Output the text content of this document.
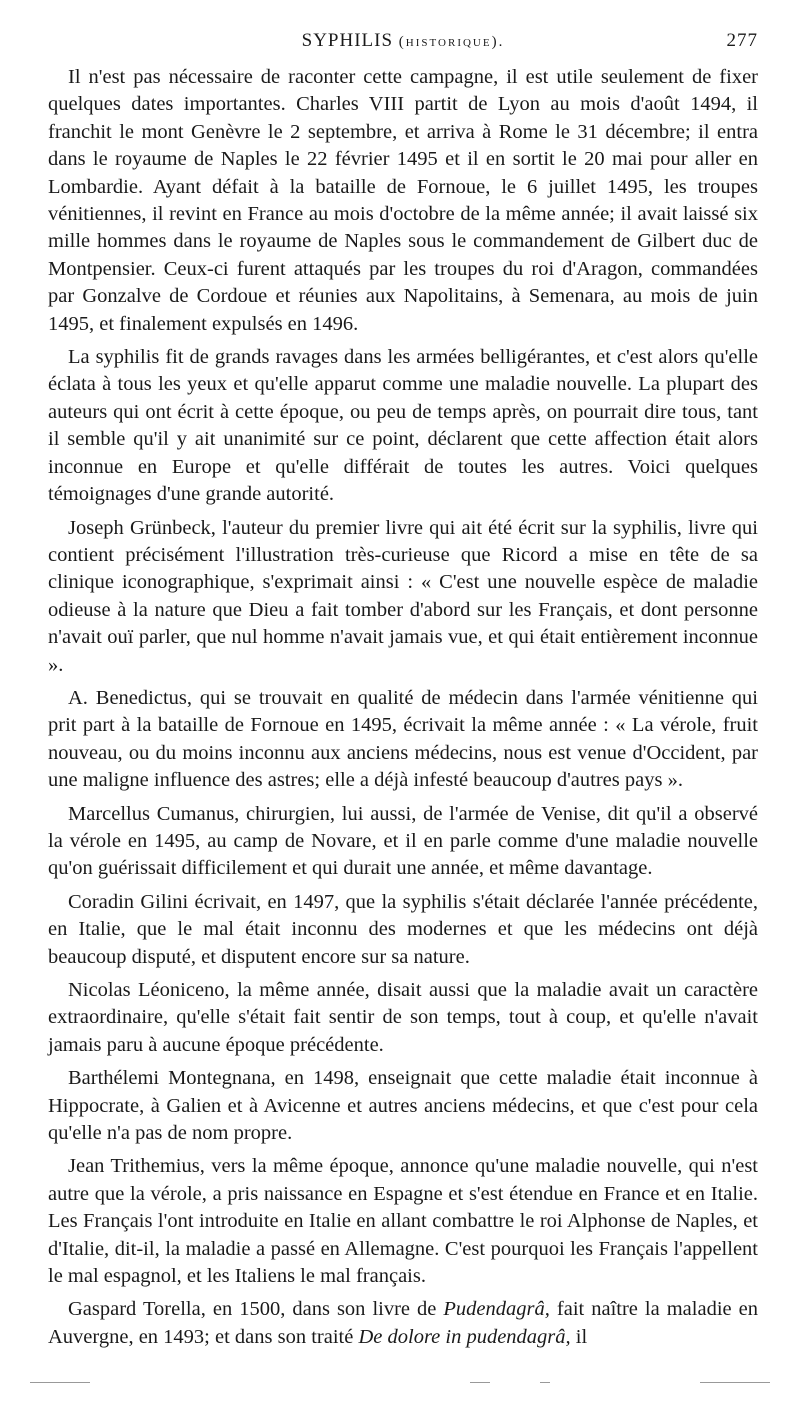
SYPHILIS (historique).	277

Il n'est pas nécessaire de raconter cette campagne, il est utile seulement de fixer quelques dates importantes. Charles VIII partit de Lyon au mois d'août 1494, il franchit le mont Genèvre le 2 septembre, et arriva à Rome le 31 décembre; il entra dans le royaume de Naples le 22 février 1495 et il en sortit le 20 mai pour aller en Lombardie. Ayant défait à la bataille de Fornoue, le 6 juillet 1495, les troupes vénitiennes, il revint en France au mois d'octobre de la même année; il avait laissé six mille hommes dans le royaume de Naples sous le commandement de Gilbert duc de Montpensier. Ceux-ci furent attaqués par les troupes du roi d'Aragon, commandées par Gonzalve de Cordoue et réunies aux Napolitains, à Semenara, au mois de juin 1495, et finalement expulsés en 1496.

La syphilis fit de grands ravages dans les armées belligérantes, et c'est alors qu'elle éclata à tous les yeux et qu'elle apparut comme une maladie nouvelle. La plupart des auteurs qui ont écrit à cette époque, ou peu de temps après, on pourrait dire tous, tant il semble qu'il y ait unanimité sur ce point, déclarent que cette affection était alors inconnue en Europe et qu'elle différait de toutes les autres. Voici quelques témoignages d'une grande autorité.

Joseph Grünbeck, l'auteur du premier livre qui ait été écrit sur la syphilis, livre qui contient précisément l'illustration très-curieuse que Ricord a mise en tête de sa clinique iconographique, s'exprimait ainsi : « C'est une nouvelle espèce de maladie odieuse à la nature que Dieu a fait tomber d'abord sur les Français, et dont personne n'avait ouï parler, que nul homme n'avait jamais vue, et qui était entièrement inconnue ».

A. Benedictus, qui se trouvait en qualité de médecin dans l'armée vénitienne qui prit part à la bataille de Fornoue en 1495, écrivait la même année : « La vérole, fruit nouveau, ou du moins inconnu aux anciens médecins, nous est venue d'Occident, par une maligne influence des astres; elle a déjà infesté beaucoup d'autres pays ».

Marcellus Cumanus, chirurgien, lui aussi, de l'armée de Venise, dit qu'il a observé la vérole en 1495, au camp de Novare, et il en parle comme d'une maladie nouvelle qu'on guérissait difficilement et qui durait une année, et même davantage.

Coradin Gilini écrivait, en 1497, que la syphilis s'était déclarée l'année précédente, en Italie, que le mal était inconnu des modernes et que les médecins ont déjà beaucoup disputé, et disputent encore sur sa nature.

Nicolas Léoniceno, la même année, disait aussi que la maladie avait un caractère extraordinaire, qu'elle s'était fait sentir de son temps, tout à coup, et qu'elle n'avait jamais paru à aucune époque précédente.

Barthélemi Montegnana, en 1498, enseignait que cette maladie était inconnue à Hippocrate, à Galien et à Avicenne et autres anciens médecins, et que c'est pour cela qu'elle n'a pas de nom propre.

Jean Trithemius, vers la même époque, annonce qu'une maladie nouvelle, qui n'est autre que la vérole, a pris naissance en Espagne et s'est étendue en France et en Italie. Les Français l'ont introduite en Italie en allant combattre le roi Alphonse de Naples, et d'Italie, dit-il, la maladie a passé en Allemagne. C'est pourquoi les Français l'appellent le mal espagnol, et les Italiens le mal français.

Gaspard Torella, en 1500, dans son livre de Pudendagrâ, fait naître la maladie en Auvergne, en 1493; et dans son traité De dolore in pudendagrâ, il
